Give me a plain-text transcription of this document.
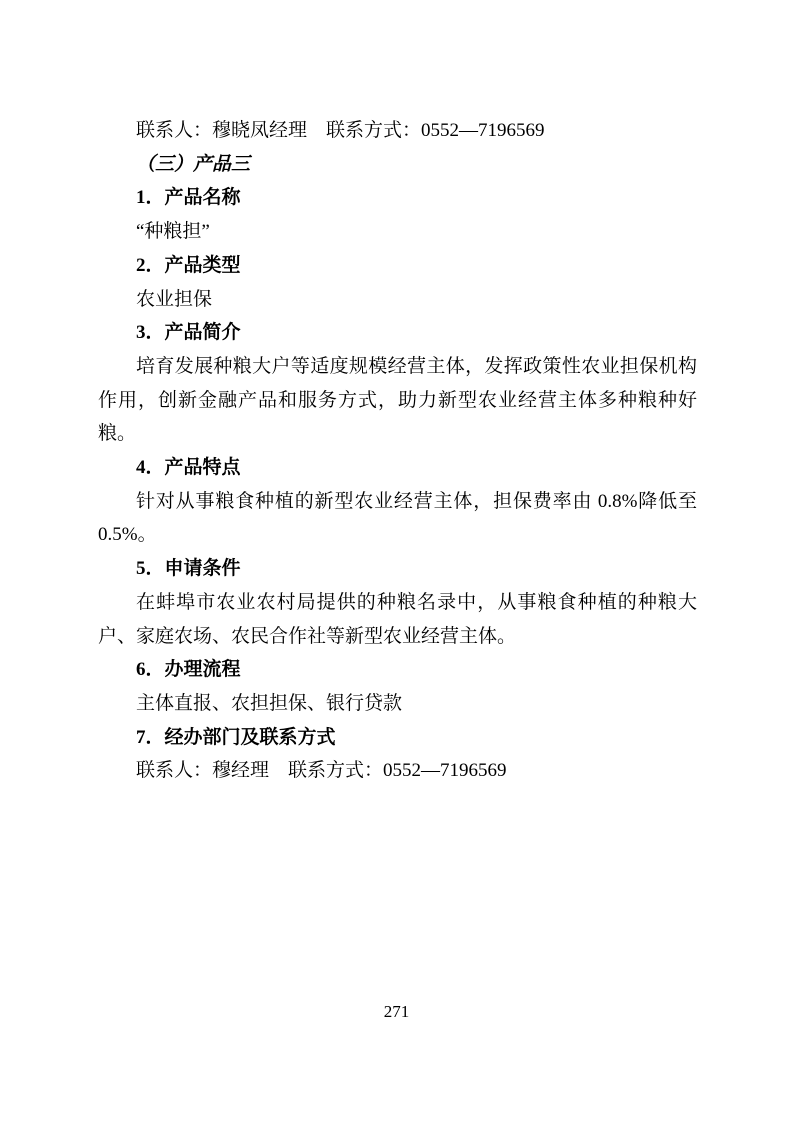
联系人：穆晓凤经理　联系方式：0552—7196569

（三）产品三

1．产品名称

“种粮担”

2．产品类型

农业担保

3．产品简介

培育发展种粮大户等适度规模经营主体，发挥政策性农业担保机构作用，创新金融产品和服务方式，助力新型农业经营主体多种粮种好粮。

4．产品特点

针对从事粮食种植的新型农业经营主体，担保费率由 0.8%降低至0.5%。

5．申请条件

在蚌埠市农业农村局提供的种粮名录中，从事粮食种植的种粮大户、家庭农场、农民合作社等新型农业经营主体。

6．办理流程

主体直报、农担担保、银行贷款

7．经办部门及联系方式

联系人：穆经理　联系方式：0552—7196569

271
